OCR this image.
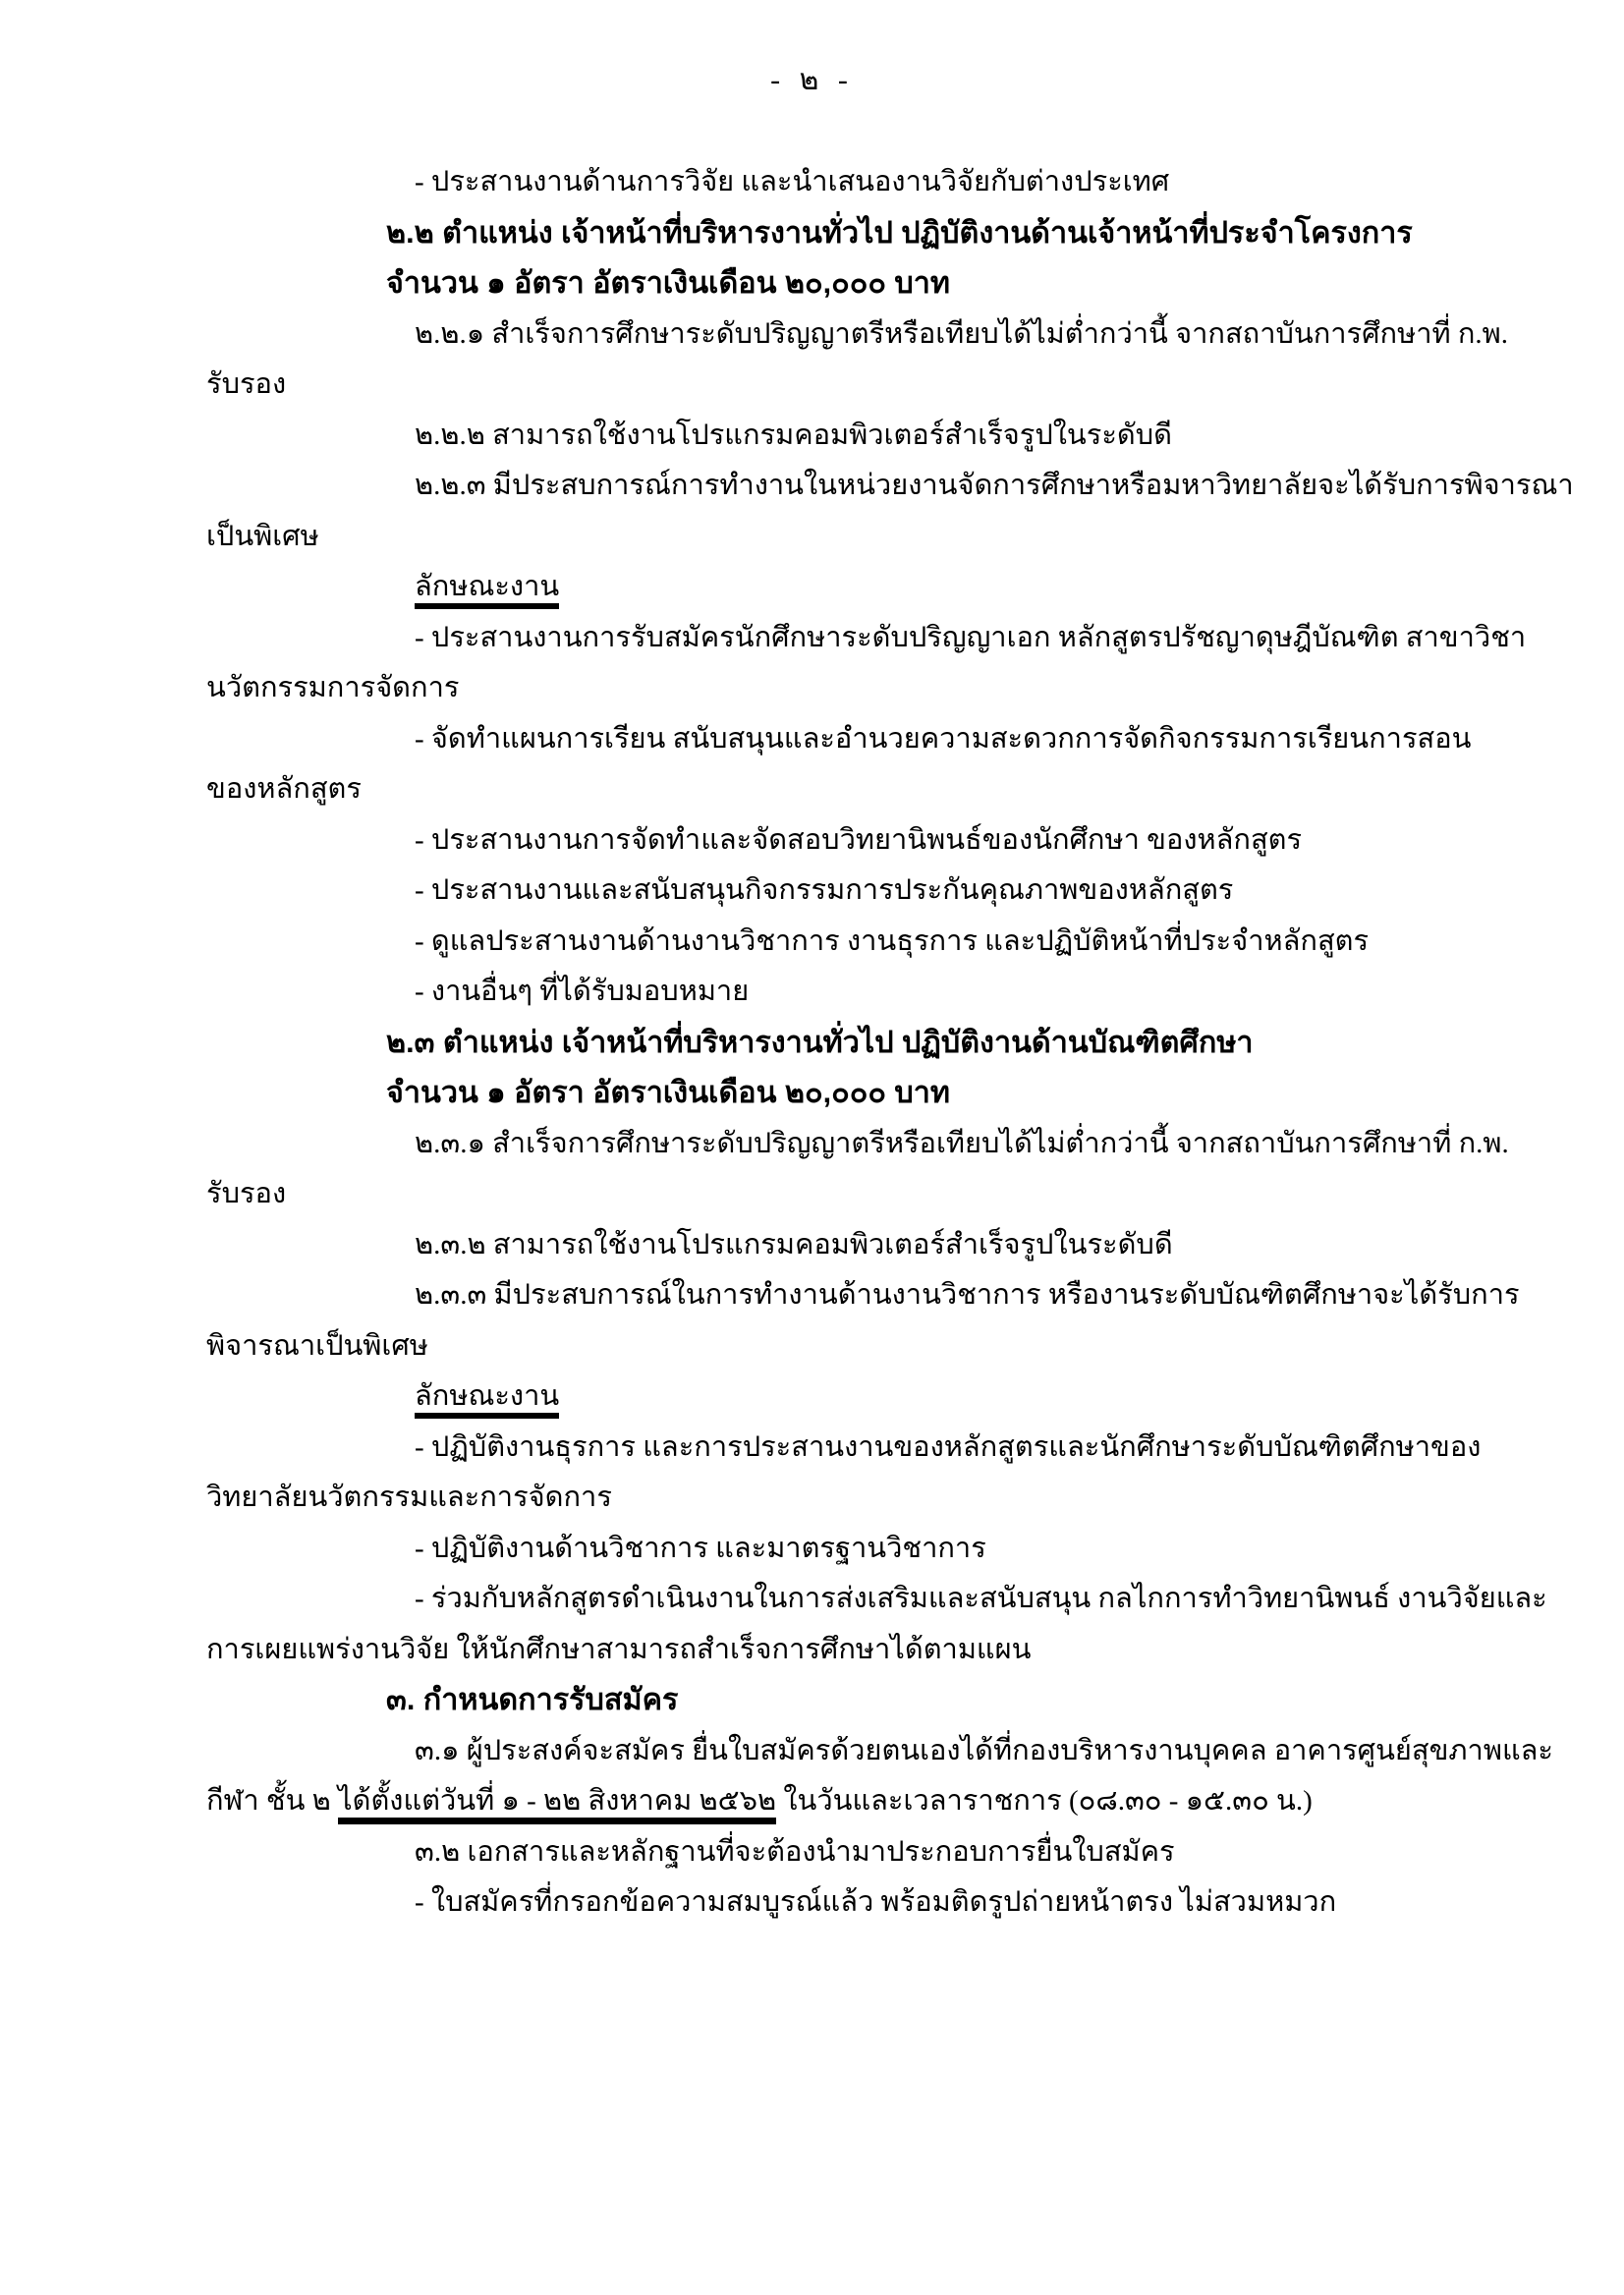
- ๒ -
- ประสานงานด้านการวิจัย และนำเสนองานวิจัยกับต่างประเทศ
๒.๒ ตำแหน่ง เจ้าหน้าที่บริหารงานทั่วไป ปฏิบัติงานด้านเจ้าหน้าที่ประจำโครงการ
จำนวน ๑ อัตรา อัตราเงินเดือน ๒๐,๐๐๐ บาท
๒.๒.๑ สำเร็จการศึกษาระดับปริญญาตรีหรือเทียบได้ไม่ต่ำกว่านี้ จากสถาบันการศึกษาที่ ก.พ.
รับรอง
๒.๒.๒ สามารถใช้งานโปรแกรมคอมพิวเตอร์สำเร็จรูปในระดับดี
๒.๒.๓ มีประสบการณ์การทำงานในหน่วยงานจัดการศึกษาหรือมหาวิทยาลัยจะได้รับการพิจารณา
เป็นพิเศษ
ลักษณะงาน
- ประสานงานการรับสมัครนักศึกษาระดับปริญญาเอก หลักสูตรปรัชญาดุษฎีบัณฑิต สาขาวิชา
นวัตกรรมการจัดการ
- จัดทำแผนการเรียน สนับสนุนและอำนวยความสะดวกการจัดกิจกรรมการเรียนการสอน
ของหลักสูตร
- ประสานงานการจัดทำและจัดสอบวิทยานิพนธ์ของนักศึกษา ของหลักสูตร
- ประสานงานและสนับสนุนกิจกรรมการประกันคุณภาพของหลักสูตร
- ดูแลประสานงานด้านงานวิชาการ งานธุรการ และปฏิบัติหน้าที่ประจำหลักสูตร
- งานอื่นๆ ที่ได้รับมอบหมาย
๒.๓ ตำแหน่ง เจ้าหน้าที่บริหารงานทั่วไป ปฏิบัติงานด้านบัณฑิตศึกษา
จำนวน ๑ อัตรา อัตราเงินเดือน ๒๐,๐๐๐ บาท
๒.๓.๑ สำเร็จการศึกษาระดับปริญญาตรีหรือเทียบได้ไม่ต่ำกว่านี้ จากสถาบันการศึกษาที่ ก.พ.
รับรอง
๒.๓.๒ สามารถใช้งานโปรแกรมคอมพิวเตอร์สำเร็จรูปในระดับดี
๒.๓.๓ มีประสบการณ์ในการทำงานด้านงานวิชาการ หรืองานระดับบัณฑิตศึกษาจะได้รับการ
พิจารณาเป็นพิเศษ
ลักษณะงาน
- ปฏิบัติงานธุรการ และการประสานงานของหลักสูตรและนักศึกษาระดับบัณฑิตศึกษาของ
วิทยาลัยนวัตกรรมและการจัดการ
- ปฏิบัติงานด้านวิชาการ และมาตรฐานวิชาการ
- ร่วมกับหลักสูตรดำเนินงานในการส่งเสริมและสนับสนุน กลไกการทำวิทยานิพนธ์ งานวิจัยและ
การเผยแพร่งานวิจัย ให้นักศึกษาสามารถสำเร็จการศึกษาได้ตามแผน
๓. กำหนดการรับสมัคร
๓.๑ ผู้ประสงค์จะสมัคร ยื่นใบสมัครด้วยตนเองได้ที่กองบริหารงานบุคคล อาคารศูนย์สุขภาพและ
กีฬา ชั้น ๒ ได้ตั้งแต่วันที่ ๑ - ๒๒ สิงหาคม ๒๕๖๒ ในวันและเวลาราชการ (๐๘.๓๐ - ๑๕.๓๐ น.)
๓.๒ เอกสารและหลักฐานที่จะต้องนำมาประกอบการยื่นใบสมัคร
- ใบสมัครที่กรอกข้อความสมบูรณ์แล้ว พร้อมติดรูปถ่ายหน้าตรง ไม่สวมหมวก
